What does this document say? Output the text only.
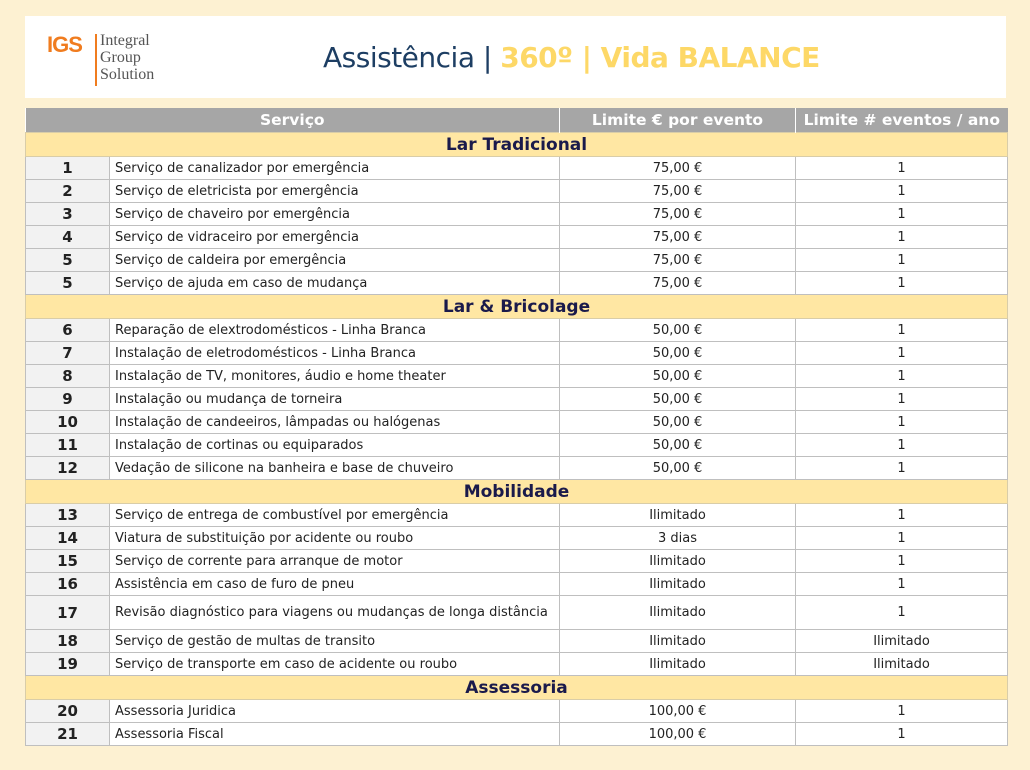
IGS Integral
Group
Solution
Assistência | 360º | Vida BALANCE
Serviço		Limite € por evento	Limite # eventos / ano
Lar Tradicional			
1	Serviço de canalizador por emergência	75,00 €	1
2	Serviço de eletricista por emergência	75,00 €	1
3	Serviço de chaveiro por emergência	75,00 €	1
4	Serviço de vidraceiro por emergência	75,00 €	1
5	Serviço de caldeira por emergência	75,00 €	1
5	Serviço de ajuda em caso de mudança	75,00 €	1
Lar & Bricolage			
6	Reparação de elextrodomésticos - Linha Branca	50,00 €	1
7	Instalação de eletrodomésticos - Linha Branca	50,00 €	1
8	Instalação de TV, monitores, áudio e home theater	50,00 €	1
9	Instalação ou mudança de torneira	50,00 €	1
10	Instalação de candeeiros, lâmpadas ou halógenas	50,00 €	1
11	Instalação de cortinas ou equiparados	50,00 €	1
12	Vedação de silicone na banheira e base de chuveiro	50,00 €	1
Mobilidade			
13	Serviço de entrega de combustível por emergência	Ilimitado	1
14	Viatura de substituição por acidente ou roubo	3 dias	1
15	Serviço de corrente para arranque de motor	Ilimitado	1
16	Assistência em caso de furo de pneu	Ilimitado	1
17	Revisão diagnóstico para viagens ou mudanças de longa distância	Ilimitado	1
18	Serviço de gestão de multas de transito	Ilimitado	Ilimitado
19	Serviço de transporte em caso de acidente ou roubo	Ilimitado	Ilimitado
Assessoria			
20	Assessoria Juridica	100,00 €	1
21	Assessoria Fiscal	100,00 €	1
